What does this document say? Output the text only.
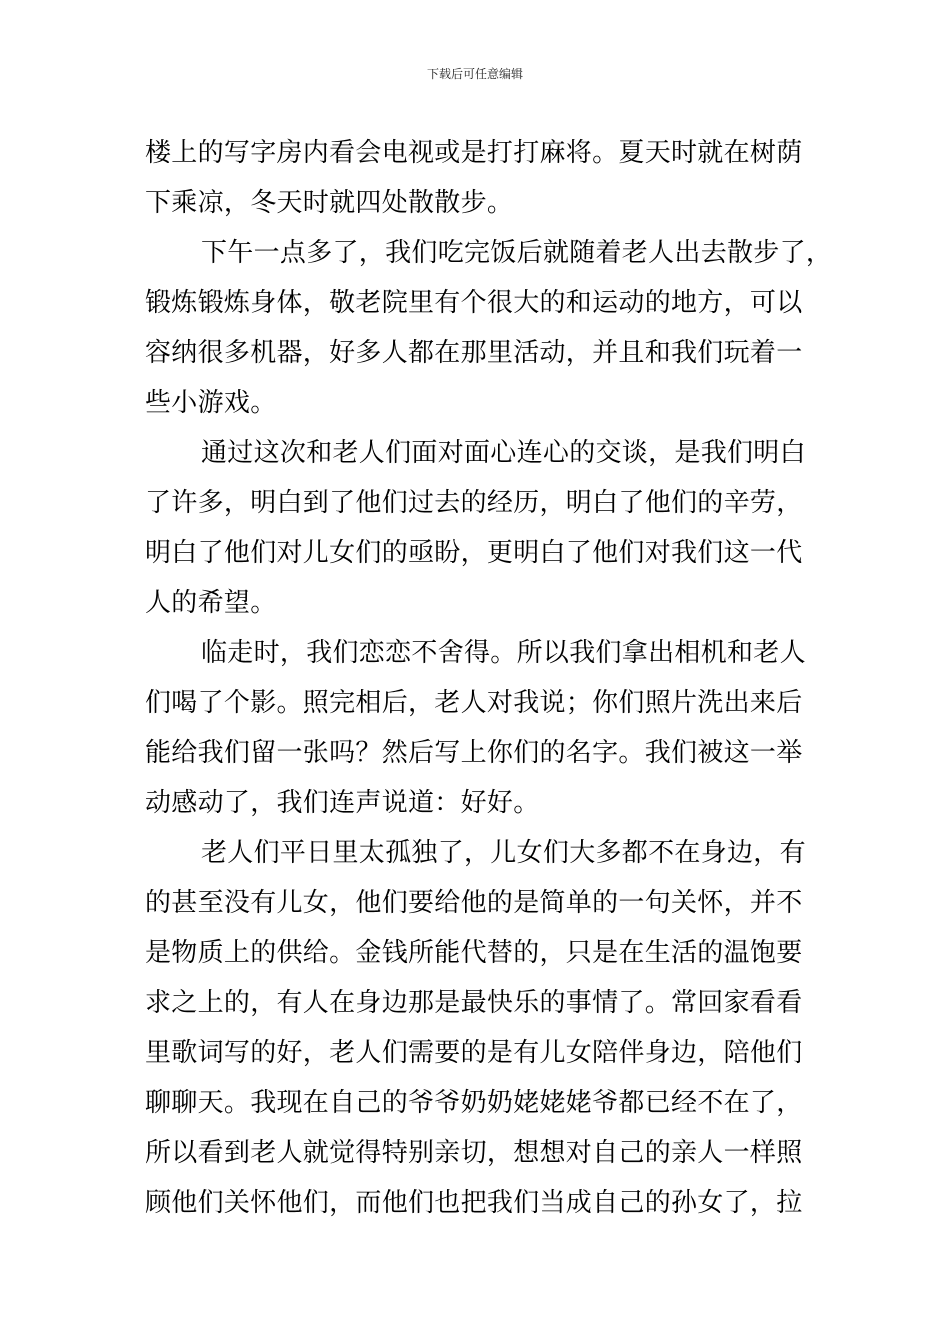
下载后可任意编辑
楼上的写字房内看会电视或是打打麻将。夏天时就在树荫
下乘凉，冬天时就四处散散步。
下午一点多了，我们吃完饭后就随着老人出去散步了，
锻炼锻炼身体，敬老院里有个很大的和运动的地方，可以
容纳很多机器，好多人都在那里活动，并且和我们玩着一
些小游戏。
通过这次和老人们面对面心连心的交谈，是我们明白
了许多，明白到了他们过去的经历，明白了他们的辛劳，
明白了他们对儿女们的亟盼，更明白了他们对我们这一代
人的希望。
临走时，我们恋恋不舍得。所以我们拿出相机和老人
们喝了个影。照完相后，老人对我说；你们照片洗出来后
能给我们留一张吗？然后写上你们的名字。我们被这一举
动感动了，我们连声说道：好好。
老人们平日里太孤独了，儿女们大多都不在身边，有
的甚至没有儿女，他们要给他的是简单的一句关怀，并不
是物质上的供给。金钱所能代替的，只是在生活的温饱要
求之上的，有人在身边那是最快乐的事情了。常回家看看
里歌词写的好，老人们需要的是有儿女陪伴身边，陪他们
聊聊天。我现在自己的爷爷奶奶姥姥姥爷都已经不在了，
所以看到老人就觉得特别亲切，想想对自己的亲人一样照
顾他们关怀他们，而他们也把我们当成自己的孙女了，拉
